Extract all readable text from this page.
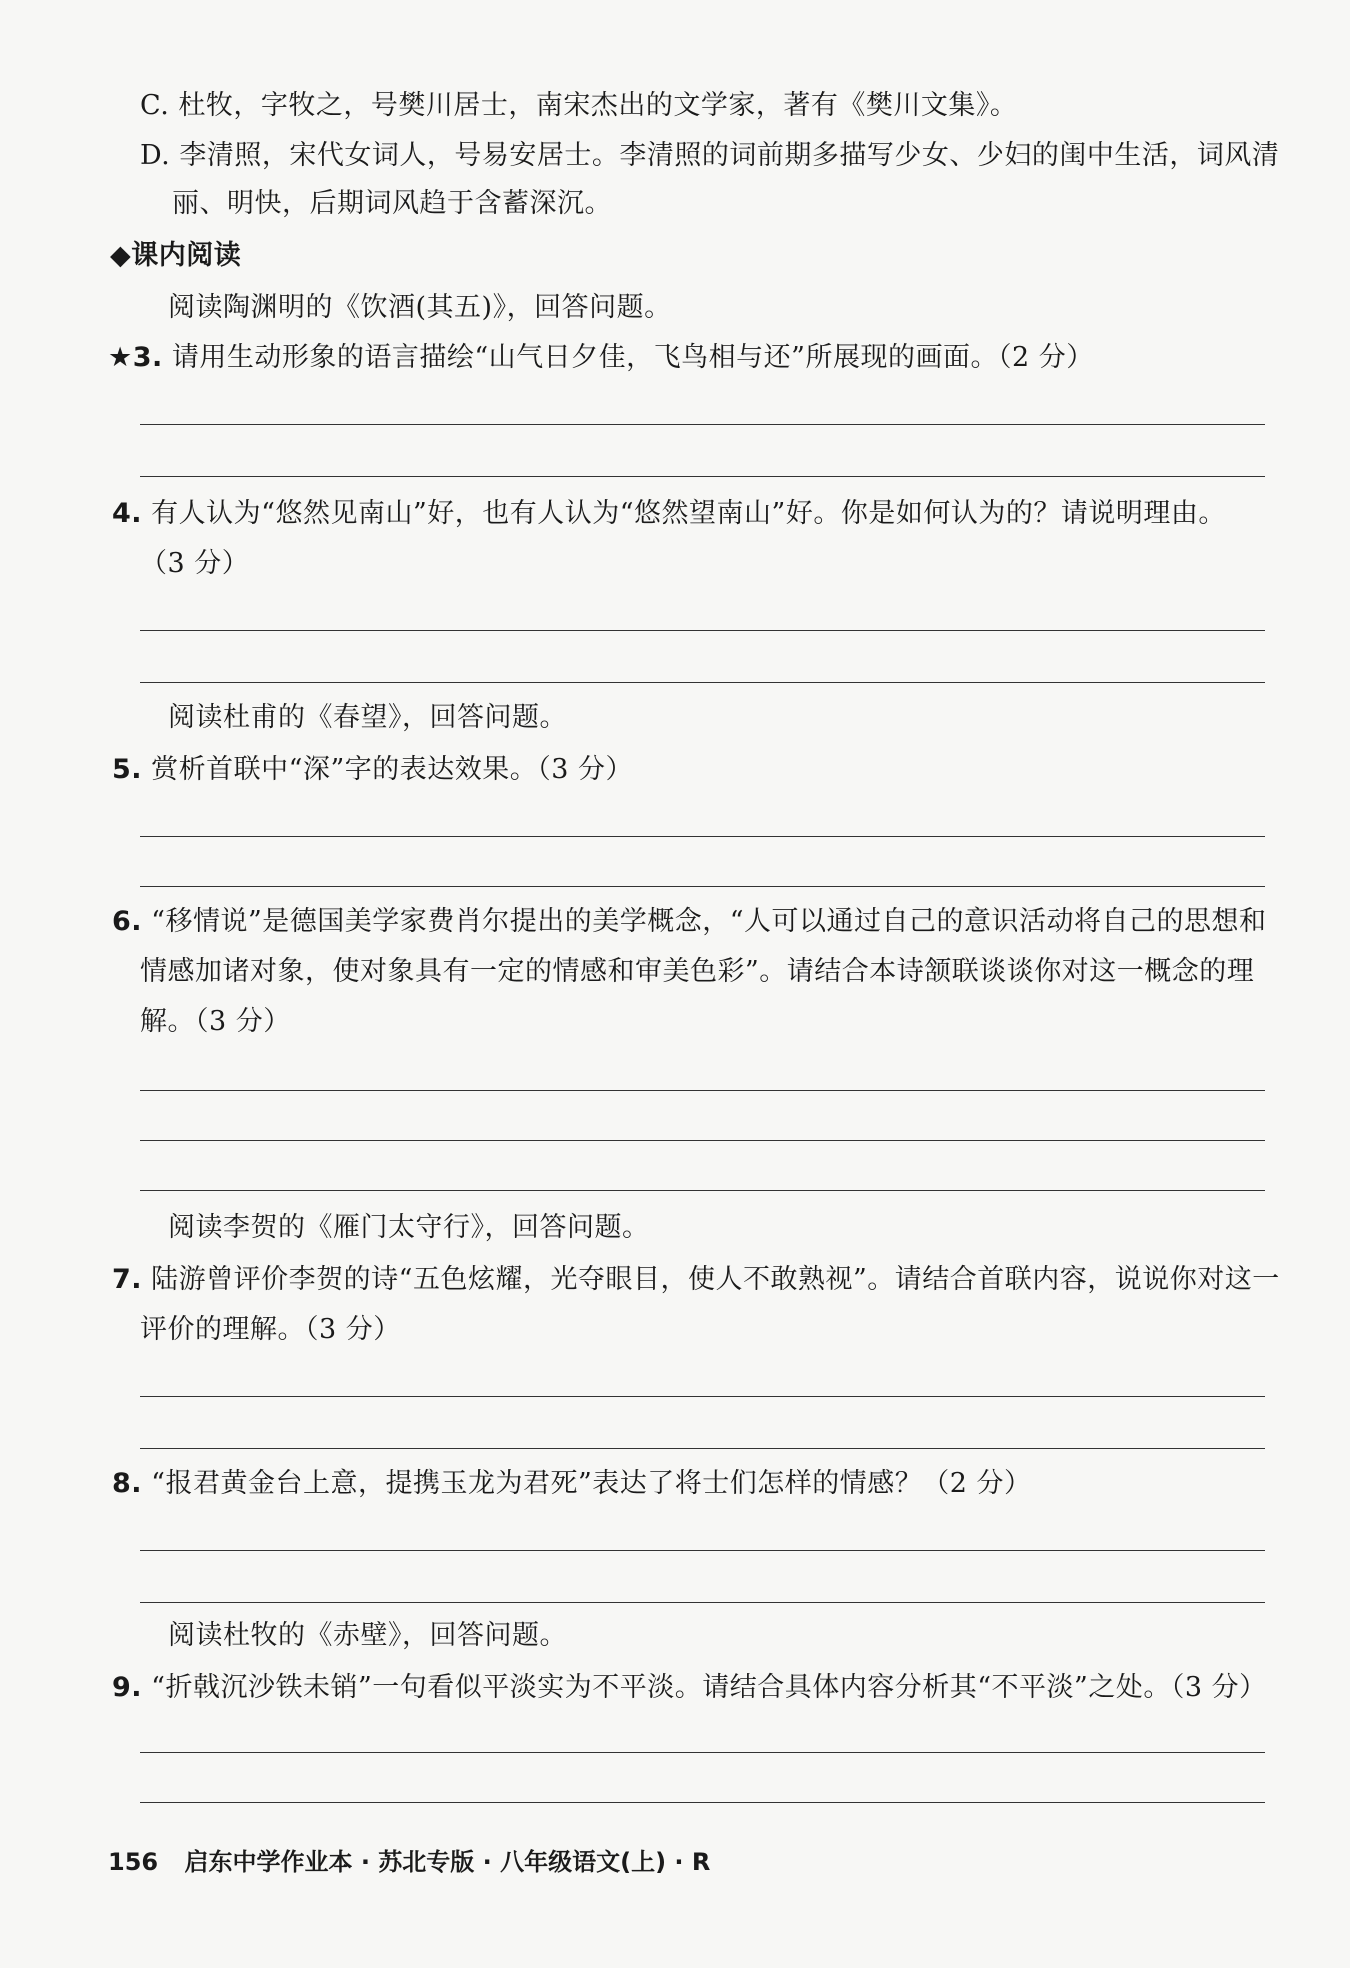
C. 杜牧，字牧之，号樊川居士，南宋杰出的文学家，著有《樊川文集》。
D. 李清照，宋代女词人，号易安居士。李清照的词前期多描写少女、少妇的闺中生活，词风清
丽、明快，后期词风趋于含蓄深沉。
◆课内阅读
阅读陶渊明的《饮酒(其五)》，回答问题。
★3. 请用生动形象的语言描绘“山气日夕佳，飞鸟相与还”所展现的画面。（2 分）
4. 有人认为“悠然见南山”好，也有人认为“悠然望南山”好。你是如何认为的？请说明理由。
（3 分）
阅读杜甫的《春望》，回答问题。
5. 赏析首联中“深”字的表达效果。（3 分）
6. “移情说”是德国美学家费肖尔提出的美学概念，“人可以通过自己的意识活动将自己的思想和
情感加诸对象，使对象具有一定的情感和审美色彩”。请结合本诗颔联谈谈你对这一概念的理
解。（3 分）
阅读李贺的《雁门太守行》，回答问题。
7. 陆游曾评价李贺的诗“五色炫耀，光夺眼目，使人不敢熟视”。请结合首联内容，说说你对这一
评价的理解。（3 分）
8. “报君黄金台上意，提携玉龙为君死”表达了将士们怎样的情感？（2 分）
阅读杜牧的《赤壁》，回答问题。
9. “折戟沉沙铁未销”一句看似平淡实为不平淡。请结合具体内容分析其“不平淡”之处。（3 分）
156 启东中学作业本 · 苏北专版 · 八年级语文(上) · R
